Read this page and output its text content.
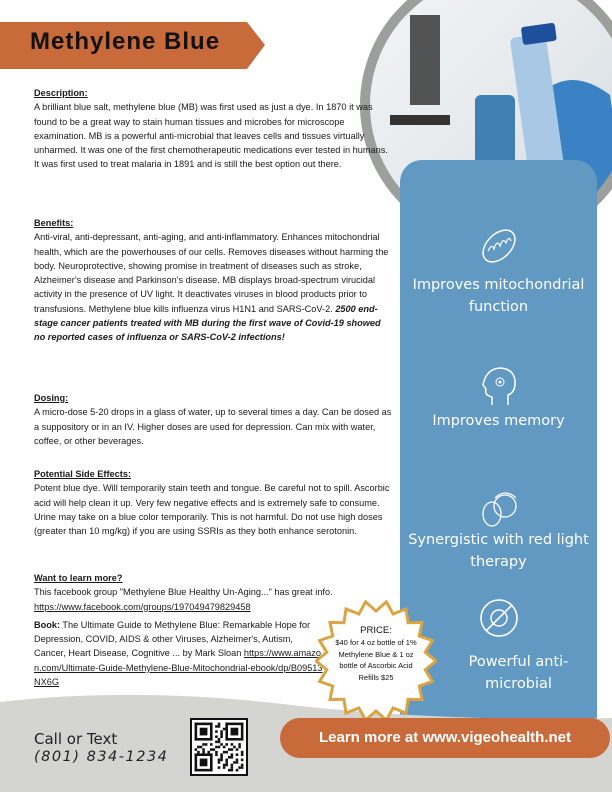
Methylene Blue
Description:

A brilliant blue salt, methylene blue (MB) was first used as just a dye. In 1870 it was found to be a great way to stain human tissues and microbes for microscope examination. MB is a powerful anti-microbial that leaves cells and tissues virtually unharmed. It was one of the first chemotherapeutic medications ever tested in humans. It was first used to treat malaria in 1891 and is still the best option out there.

Benefits:

Anti-viral, anti-depressant, anti-aging, and anti-inflammatory. Enhances mitochondrial health, which are the powerhouses of our cells. Removes diseases without harming the body. Neuroprotective, showing promise in treatment of diseases such as stroke, Alzheimer's disease and Parkinson's disease. MB displays broad-spectrum virucidal activity in the presence of UV light. It deactivates viruses in blood products prior to transfusions. Methylene blue kills influenza virus H1N1 and SARS-CoV-2. 2500 end-stage cancer patients treated with MB during the first wave of Covid-19 showed no reported cases of influenza or SARS-CoV-2 infections!

Dosing:

A micro-dose 5-20 drops in a glass of water, up to several times a day. Can be dosed as a suppository or in an IV. Higher doses are used for depression. Can mix with water, coffee, or other beverages.

Potential Side Effects:

Potent blue dye. Will temporarily stain teeth and tongue. Be careful not to spill. Ascorbic acid will help clean it up. Very few negative effects and is extremely safe to consume. Urine may take on a blue color temporarily. This is not harmful. Do not use high doses (greater than 10 mg/kg) if you are using SSRIs as they both enhance serotonin.

Want to learn more?

This facebook group "Methylene Blue Healthy Un-Aging..." has great info. https://www.facebook.com/groups/197049479829458

Book: The Ultimate Guide to Methylene Blue: Remarkable Hope for Depression, COVID, AIDS & other Viruses, Alzheimer's, Autism, Cancer, Heart Disease, Cognitive ... by Mark Sloan https://www.amazon.com/Ultimate-Guide-Methylene-Blue-Mitochondrial-ebook/dp/B09513NX6G

Improves mitochondrial function
Improves memory
Synergistic with red light therapy
Powerful anti-microbial
PRICE:
$40 for 4 oz bottle of 1% Methylene Blue & 1 oz bottle of Ascorbic Acid Refills $25
Learn more at www.vigeohealth.net
Call or Text
(801) 834-1234
